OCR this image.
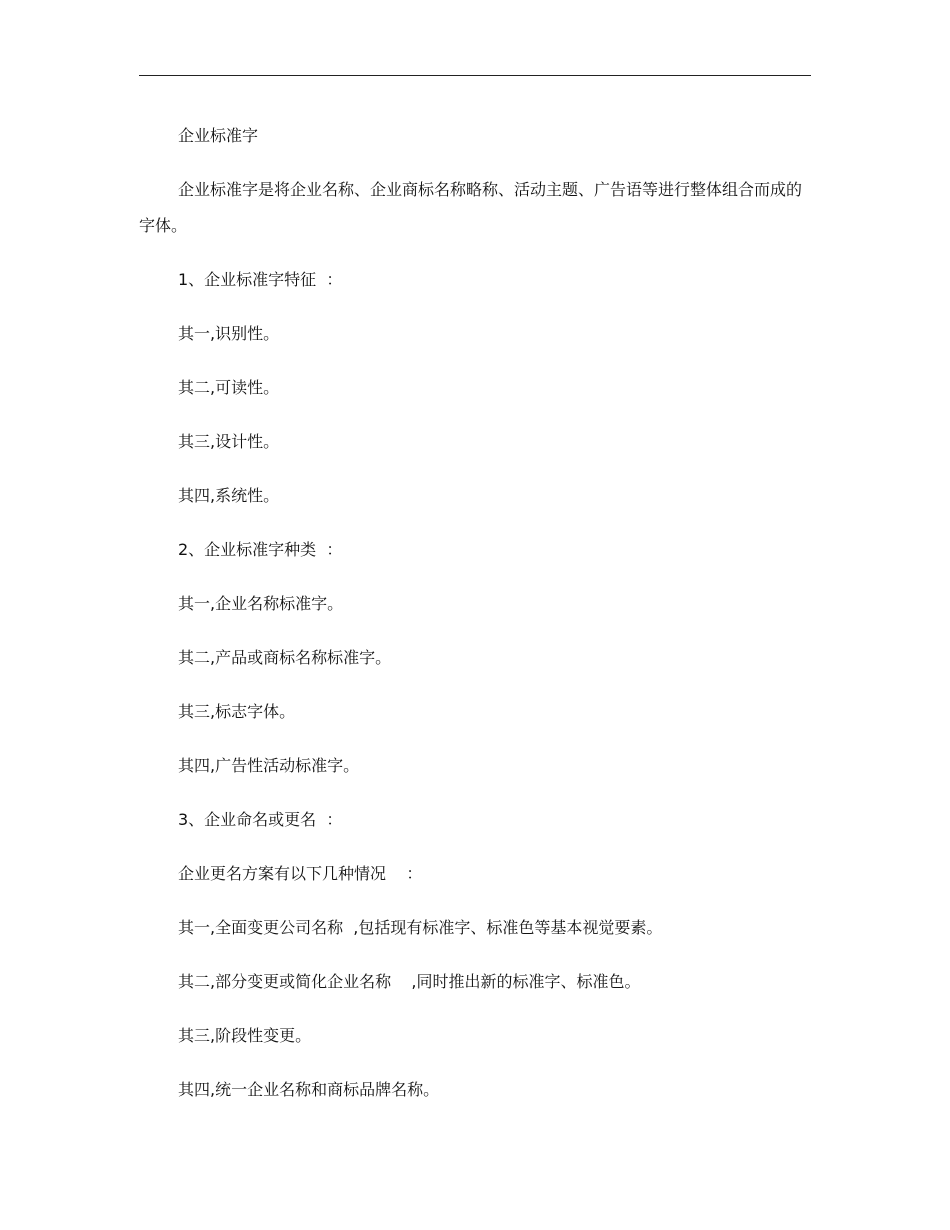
企业标准字

企业标准字是将企业名称、企业商标名称略称、活动主题、广告语等进行整体组合而成的字体。

1、企业标准字特征  ：

其一,识别性。

其二,可读性。

其三,设计性。

其四,系统性。

2、企业标准字种类  ：

其一,企业名称标准字。

其二,产品或商标名称标准字。

其三,标志字体。

其四,广告性活动标准字。

3、企业命名或更名  ：

企业更名方案有以下几种情况    ：

其一,全面变更公司名称  ,包括现有标准字、标准色等基本视觉要素。

其二,部分变更或简化企业名称    ,同时推出新的标准字、标准色。

其三,阶段性变更。

其四,统一企业名称和商标品牌名称。
